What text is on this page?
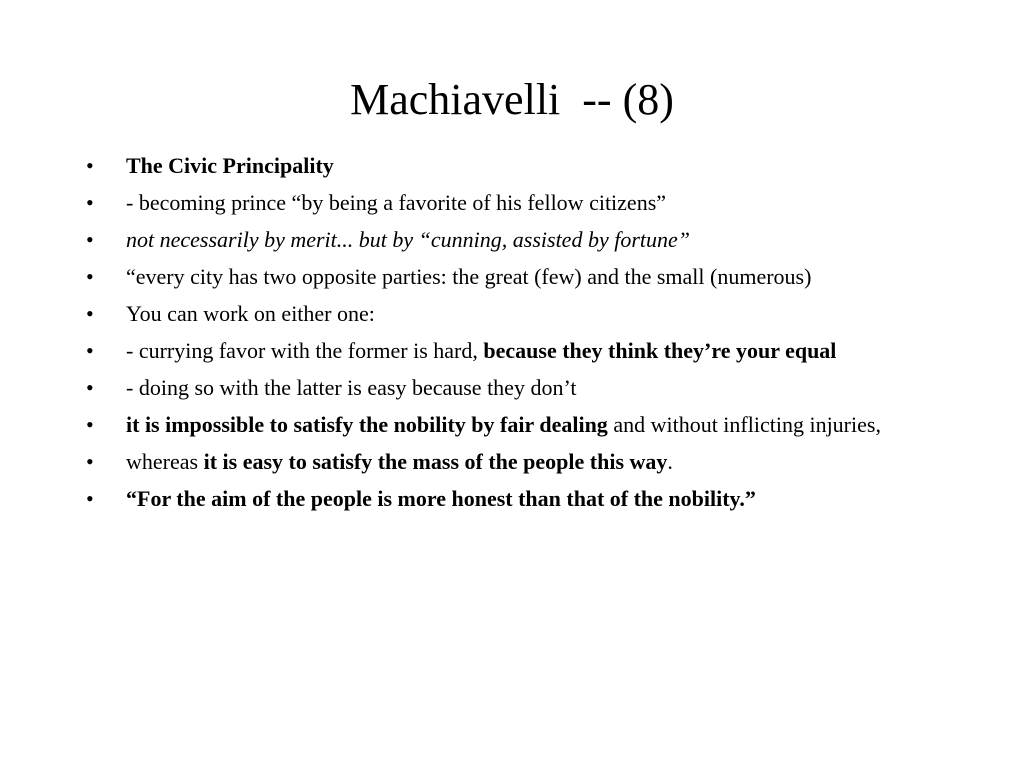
Machiavelli  -- (8)
•	The Civic Principality
•	- becoming prince “by being a favorite of his fellow citizens”
•	not necessarily by merit... but by “cunning, assisted by fortune”
•	“every city has two opposite parties: the great (few) and the small (numerous)
•	You can work on either one:
•	- currying favor with the former is hard, because they think they’re your equal
•	- doing so with the latter is easy because they don’t
•	it is impossible to satisfy the nobility by fair dealing and without inflicting injuries,
•	whereas it is easy to satisfy the mass of the people this way.
•	“For the aim of the people is more honest than that of the nobility.”
